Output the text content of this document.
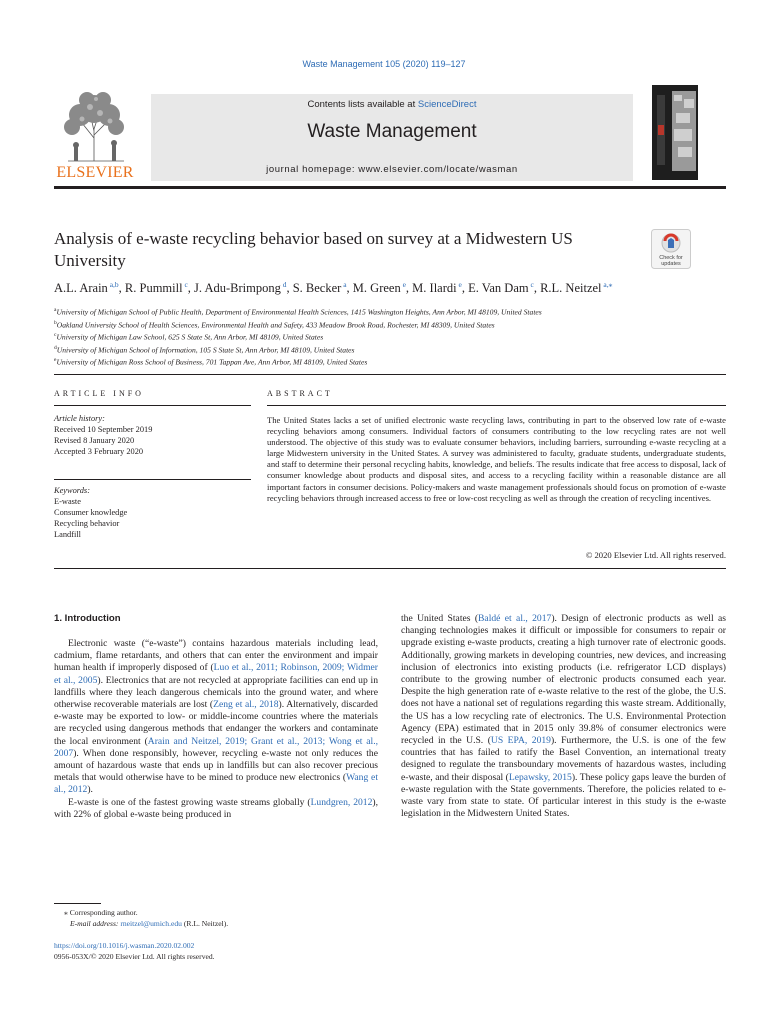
Waste Management 105 (2020) 119–127
ELSEVIER
Contents lists available at ScienceDirect
Waste Management
journal homepage: www.elsevier.com/locate/wasman
Analysis of e-waste recycling behavior based on survey at a Midwestern US University	Check for
updates
A.L. Arain $^{a,b}$, R. Pummill $^c$, J. Adu-Brimpong $^d$, S. Becker $^a$, M. Green $^e$, M. Ilardi $^e$, E. Van Dam $^c$, R.L. Neitzel $^{a,⁎}$
$^a$University of Michigan School of Public Health, Department of Environmental Health Sciences, 1415 Washington Heights, Ann Arbor, MI 48109, United States
$^b$Oakland University School of Health Sciences, Environmental Health and Safety, 433 Meadow Brook Road, Rochester, MI 48309, United States
$^c$University of Michigan Law School, 625 S State St, Ann Arbor, MI 48109, United States
$^d$University of Michigan School of Information, 105 S State St, Ann Arbor, MI 48109, United States
$^e$University of Michigan Ross School of Business, 701 Tappan Ave, Ann Arbor, MI 48109, United States
ARTICLE INFO	ABSTRACT
Article history:
Received 10 September 2019
Revised 8 January 2020
Accepted 3 February 2020
Keywords:
E-waste
Consumer knowledge
Recycling behavior
Landfill
The United States lacks a set of unified electronic waste recycling laws, contributing in part to the observed low rate of e-waste recycling behaviors among consumers. Individual factors of consumers contributing to the low recycling rates are not well understood. The objective of this study was to evaluate consumer behaviors, including barriers, surrounding e-waste recycling at a large Midwestern university in the United States. A survey was administered to faculty, graduate students, undergraduate students, and staff to determine their personal recycling habits, knowledge, and beliefs. The results indicate that free access to disposal, lack of consumer knowledge about products and disposal sites, and access to a recycling facility within a reasonable distance are all important factors in consumer decisions. Policy-makers and waste management professionals should focus on promotion of e-waste recycling behaviors through increased access to free or low-cost recycling as well as through the creation of recycling incentives.
© 2020 Elsevier Ltd. All rights reserved.
1. Introduction

Electronic waste (“e-waste”) contains hazardous materials including lead, cadmium, flame retardants, and others that can enter the environment and impair human health if improperly disposed of (Luo et al., 2011; Robinson, 2009; Widmer et al., 2005). Electronics that are not recycled at appropriate facilities can end up in landfills where they leach dangerous chemicals into the ground water, and where otherwise recoverable materials are lost (Zeng et al., 2018). Alternatively, discarded e-waste may be exported to low- or middle-income countries where the materials are recycled using dangerous methods that endanger the workers and contaminate the local environment (Arain and Neitzel, 2019; Grant et al., 2013; Wong et al., 2007). When done responsibly, however, recycling e-waste not only reduces the amount of hazardous waste that ends up in landfills but can also recover precious metals that would otherwise have to be mined to produce new electronics (Wang et al., 2012).

E-waste is one of the fastest growing waste streams globally (Lundgren, 2012), with 22% of global e-waste being produced in

the United States (Baldé et al., 2017). Design of electronic products as well as changing technologies makes it difficult or impossible for consumers to repair or upgrade existing e-waste products, creating a high turnover rate of electronic goods. Additionally, growing markets in developing countries, new devices, and increasing inclusion of electronics into existing products (i.e. refrigerator LCD displays) contribute to the growing number of electronic products consumed each year. Despite the high generation rate of e-waste relative to the rest of the globe, the U.S. does not have a national set of regulations regarding this waste stream. Additionally, the US has a low recycling rate of electronics. The U.S. Environmental Protection Agency (EPA) estimated that in 2015 only 39.8% of consumer electronics were recycled in the U.S. (US EPA, 2019). Furthermore, the U.S. is one of the few countries that has failed to ratify the Basel Convention, an international treaty designed to regulate the transboundary movements of hazardous wastes, including e-waste, and their disposal (Lepawsky, 2015). These policy gaps leave the burden of e-waste regulation with the State governments. Therefore, the policies related to e-waste vary from state to state. Of particular interest in this study is the e-waste legislation in the Midwestern United States.

⁎ Corresponding author.
E-mail address: rneitzel@umich.edu (R.L. Neitzel).
https://doi.org/10.1016/j.wasman.2020.02.002
0956-053X/© 2020 Elsevier Ltd. All rights reserved.
